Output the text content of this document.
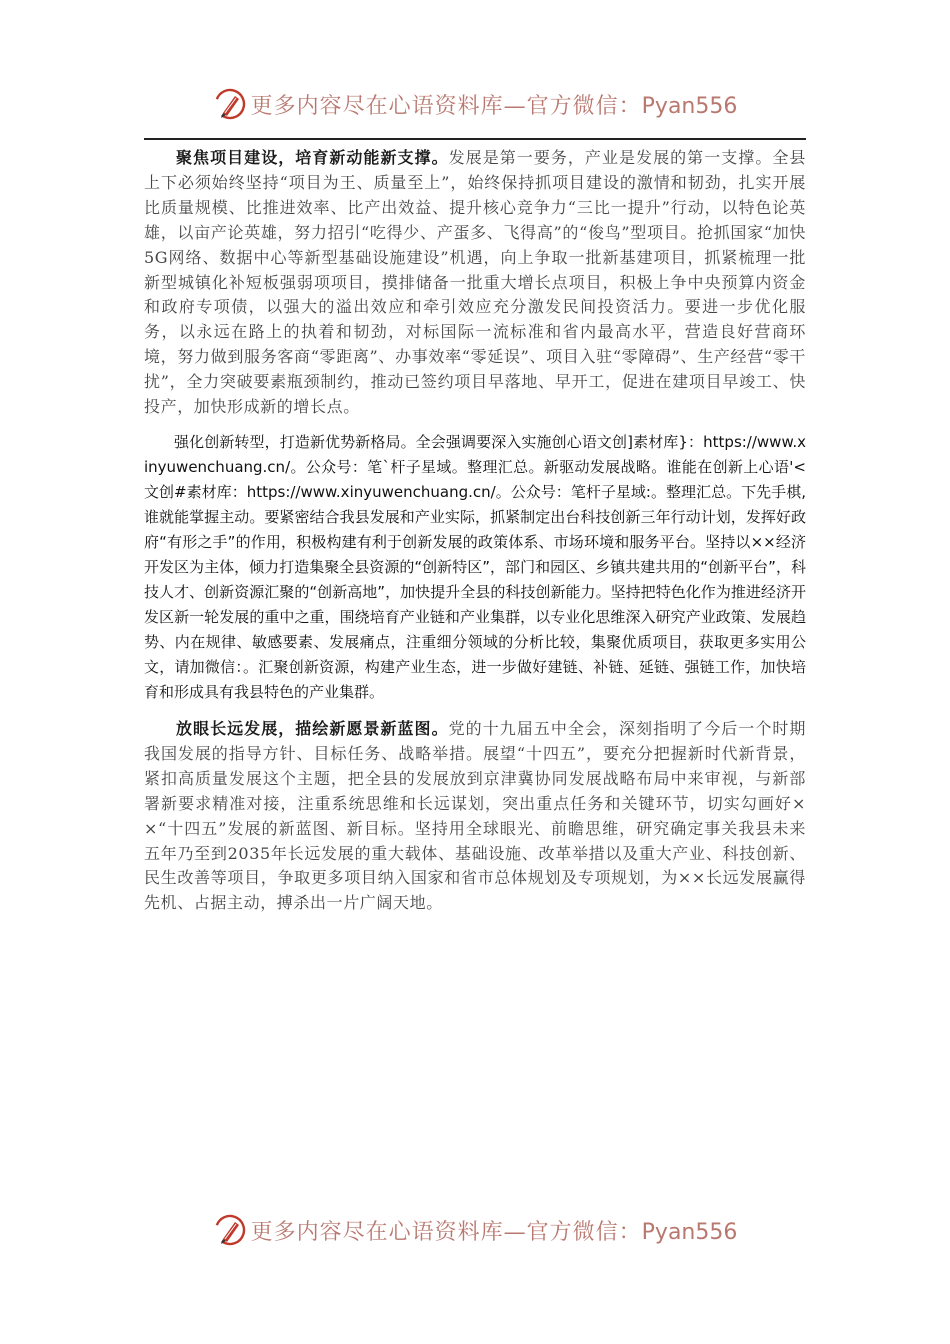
更多内容尽在心语资料库—官方微信：Pyan556

聚焦项目建设，培育新动能新支撑。发展是第一要务，产业是发展的第一支撑。全县上下必须始终坚持“项目为王、质量至上”，始终保持抓项目建设的激情和韧劲，扎实开展比质量规模、比推进效率、比产出效益、提升核心竞争力“三比一提升”行动，以特色论英雄，以亩产论英雄，努力招引“吃得少、产蛋多、飞得高”的“俊鸟”型项目。抢抓国家“加快5G网络、数据中心等新型基础设施建设”机遇，向上争取一批新基建项目，抓紧梳理一批新型城镇化补短板强弱项项目，摸排储备一批重大增长点项目，积极上争中央预算内资金和政府专项债，以强大的溢出效应和牵引效应充分激发民间投资活力。要进一步优化服务，以永远在路上的执着和韧劲，对标国际一流标准和省内最高水平，营造良好营商环境，努力做到服务客商“零距离”、办事效率“零延误”、项目入驻“零障碍”、生产经营“零干扰”，全力突破要素瓶颈制约，推动已签约项目早落地、早开工，促进在建项目早竣工、快投产，加快形成新的增长点。

强化创新转型，打造新优势新格局。全会强调要深入实施创心语文创]素材库}：https://www.xinyuwenchuang.cn/。公众号：笔`杆子星域。整理汇总。新驱动发展战略。谁能在创新上心语'<文创#素材库：https://www.xinyuwenchuang.cn/。公众号：笔杆子星域:。整理汇总。下先手棋,谁就能掌握主动。要紧密结合我县发展和产业实际，抓紧制定出台科技创新三年行动计划，发挥好政府“有形之手”的作用，积极构建有利于创新发展的政策体系、市场环境和服务平台。坚持以××经济开发区为主体，倾力打造集聚全县资源的“创新特区”，部门和园区、乡镇共建共用的“创新平台”，科技人才、创新资源汇聚的“创新高地”，加快提升全县的科技创新能力。坚持把特色化作为推进经济开发区新一轮发展的重中之重，围绕培育产业链和产业集群，以专业化思维深入研究产业政策、发展趋势、内在规律、敏感要素、发展痛点，注重细分领域的分析比较，集聚优质项目，获取更多实用公文，请加微信：。汇聚创新资源，构建产业生态，进一步做好建链、补链、延链、强链工作，加快培育和形成具有我县特色的产业集群。

放眼长远发展，描绘新愿景新蓝图。党的十九届五中全会，深刻指明了今后一个时期我国发展的指导方针、目标任务、战略举措。展望“十四五”，要充分把握新时代新背景，紧扣高质量发展这个主题，把全县的发展放到京津冀协同发展战略布局中来审视，与新部署新要求精准对接，注重系统思维和长远谋划，突出重点任务和关键环节，切实勾画好××“十四五”发展的新蓝图、新目标。坚持用全球眼光、前瞻思维，研究确定事关我县未来五年乃至到2035年长远发展的重大载体、基础设施、改革举措以及重大产业、科技创新、民生改善等项目，争取更多项目纳入国家和省市总体规划及专项规划，为××长远发展赢得先机、占据主动，搏杀出一片广阔天地。

更多内容尽在心语资料库—官方微信：Pyan556
